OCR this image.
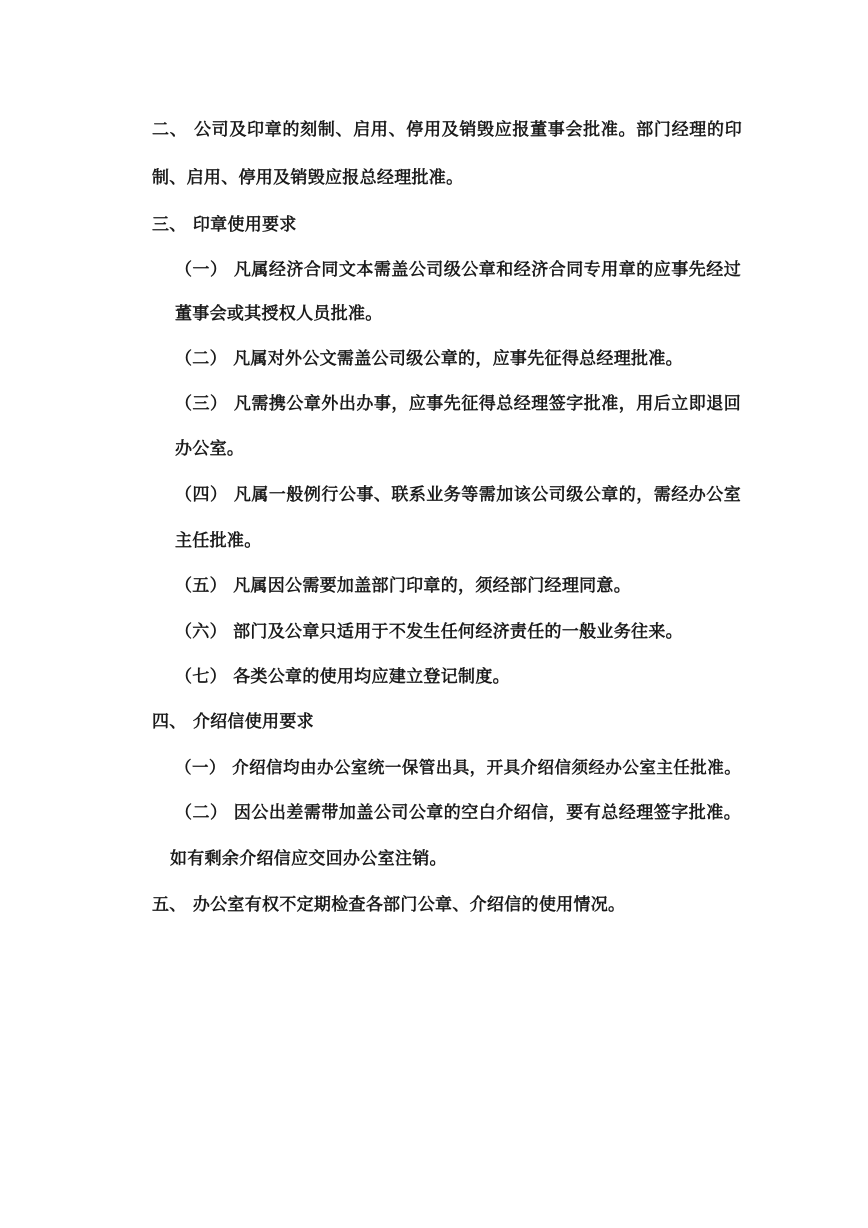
二、 公司及印章的刻制、启用、停用及销毁应报董事会批准。部门经理的印
制、启用、停用及销毁应报总经理批准。
三、 印章使用要求
（一） 凡属经济合同文本需盖公司级公章和经济合同专用章的应事先经过
董事会或其授权人员批准。
（二） 凡属对外公文需盖公司级公章的，应事先征得总经理批准。
（三） 凡需携公章外出办事，应事先征得总经理签字批准，用后立即退回
办公室。
（四） 凡属一般例行公事、联系业务等需加该公司级公章的，需经办公室
主任批准。
（五） 凡属因公需要加盖部门印章的，须经部门经理同意。
（六） 部门及公章只适用于不发生任何经济责任的一般业务往来。
（七） 各类公章的使用均应建立登记制度。
四、 介绍信使用要求
（一） 介绍信均由办公室统一保管出具，开具介绍信须经办公室主任批准。
（二） 因公出差需带加盖公司公章的空白介绍信，要有总经理签字批准。
如有剩余介绍信应交回办公室注销。
五、 办公室有权不定期检查各部门公章、介绍信的使用情况。
